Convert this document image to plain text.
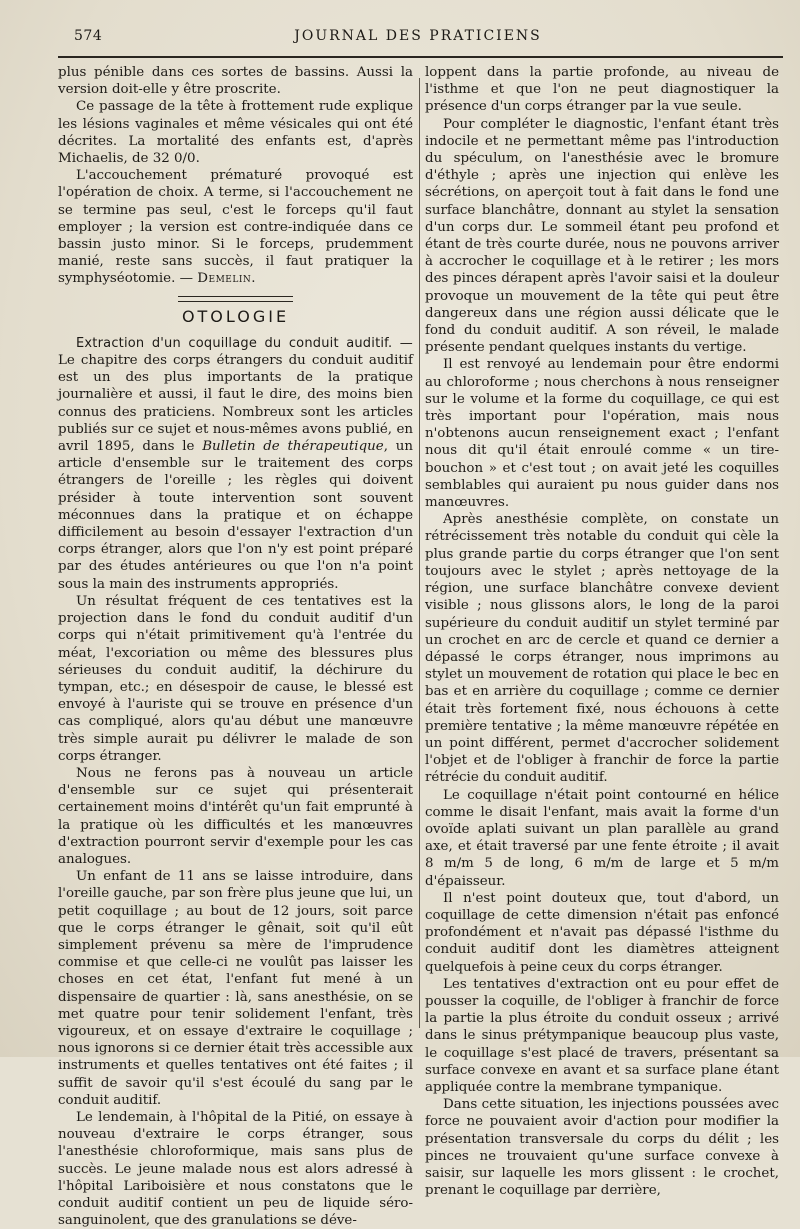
574	JOURNAL DES PRATICIENS

plus pénible dans ces sortes de bassins. Aussi la version doit-elle y être proscrite.

Ce passage de la tête à frottement rude explique les lésions vaginales et même vésicales qui ont été décrites. La mortalité des enfants est, d'après Michaelis, de 32 0/0.

L'accouchement prématuré provoqué est l'opération de choix. A terme, si l'accouchement ne se termine pas seul, c'est le forceps qu'il faut employer ; la version est contre-indiquée dans ce bassin justo minor. Si le forceps, prudemment manié, reste sans succès, il faut pratiquer la symphyséotomie. — Demelin.

OTOLOGIE

Extraction d'un coquillage du conduit auditif. — Le chapitre des corps étrangers du conduit auditif est un des plus importants de la pratique journalière et aussi, il faut le dire, des moins bien connus des praticiens. Nombreux sont les articles publiés sur ce sujet et nous-mêmes avons publié, en avril 1895, dans le Bulletin de thérapeutique, un article d'ensemble sur le traitement des corps étrangers de l'oreille ; les règles qui doivent présider à toute intervention sont souvent méconnues dans la pratique et on échappe difficilement au besoin d'essayer l'extraction d'un corps étranger, alors que l'on n'y est point préparé par des études antérieures ou que l'on n'a point sous la main des instruments appropriés.

Un résultat fréquent de ces tentatives est la projection dans le fond du conduit auditif d'un corps qui n'était primitivement qu'à l'entrée du méat, l'excoriation ou même des blessures plus sérieuses du conduit auditif, la déchirure du tympan, etc.; en désespoir de cause, le blessé est envoyé à l'auriste qui se trouve en présence d'un cas compliqué, alors qu'au début une manœuvre très simple aurait pu délivrer le malade de son corps étranger.

Nous ne ferons pas à nouveau un article d'ensemble sur ce sujet qui présenterait certainement moins d'intérêt qu'un fait emprunté à la pratique où les difficultés et les manœuvres d'extraction pourront servir d'exemple pour les cas analogues.

Un enfant de 11 ans se laisse introduire, dans l'oreille gauche, par son frère plus jeune que lui, un petit coquillage ; au bout de 12 jours, soit parce que le corps étranger le gênait, soit qu'il eût simplement prévenu sa mère de l'imprudence commise et que celle-ci ne voulût pas laisser les choses en cet état, l'enfant fut mené à un dispensaire de quartier : là, sans anesthésie, on se met quatre pour tenir solidement l'enfant, très vigoureux, et on essaye d'extraire le coquillage ; nous ignorons si ce dernier était très accessible aux instruments et quelles tentatives ont été faites ; il suffit de savoir qu'il s'est écoulé du sang par le conduit auditif.

Le lendemain, à l'hôpital de la Pitié, on essaye à nouveau d'extraire le corps étranger, sous l'anesthésie chloroformique, mais sans plus de succès. Le jeune malade nous est alors adressé à l'hôpital Lariboisière et nous constatons que le conduit auditif contient un peu de liquide séro-sanguinolent, que des granulations se déve-

loppent dans la partie profonde, au niveau de l'isthme et que l'on ne peut diagnostiquer la présence d'un corps étranger par la vue seule.

Pour compléter le diagnostic, l'enfant étant très indocile et ne permettant même pas l'introduction du spéculum, on l'anesthésie avec le bromure d'éthyle ; après une injection qui enlève les sécrétions, on aperçoit tout à fait dans le fond une surface blanchâtre, donnant au stylet la sensation d'un corps dur. Le sommeil étant peu profond et étant de très courte durée, nous ne pouvons arriver à accrocher le coquillage et à le retirer ; les mors des pinces dérapent après l'avoir saisi et la douleur provoque un mouvement de la tête qui peut être dangereux dans une région aussi délicate que le fond du conduit auditif. A son réveil, le malade présente pendant quelques instants du vertige.

Il est renvoyé au lendemain pour être endormi au chloroforme ; nous cherchons à nous renseigner sur le volume et la forme du coquillage, ce qui est très important pour l'opération, mais nous n'obtenons aucun renseignement exact ; l'enfant nous dit qu'il était enroulé comme « un tire-bouchon » et c'est tout ; on avait jeté les coquilles semblables qui auraient pu nous guider dans nos manœuvres.

Après anesthésie complète, on constate un rétrécissement très notable du conduit qui cèle la plus grande partie du corps étranger que l'on sent toujours avec le stylet ; après nettoyage de la région, une surface blanchâtre convexe devient visible ; nous glissons alors, le long de la paroi supérieure du conduit auditif un stylet terminé par un crochet en arc de cercle et quand ce dernier a dépassé le corps étranger, nous imprimons au stylet un mouvement de rotation qui place le bec en bas et en arrière du coquillage ; comme ce dernier était très fortement fixé, nous échouons à cette première tentative ; la même manœuvre répétée en un point différent, permet d'accrocher solidement l'objet et de l'obliger à franchir de force la partie rétrécie du conduit auditif.

Le coquillage n'était point contourné en hélice comme le disait l'enfant, mais avait la forme d'un ovoïde aplati suivant un plan parallèle au grand axe, et était traversé par une fente étroite ; il avait 8 m/m 5 de long, 6 m/m de large et 5 m/m d'épaisseur.

Il n'est point douteux que, tout d'abord, un coquillage de cette dimension n'était pas enfoncé profondément et n'avait pas dépassé l'isthme du conduit auditif dont les diamètres atteignent quelquefois à peine ceux du corps étranger.

Les tentatives d'extraction ont eu pour effet de pousser la coquille, de l'obliger à franchir de force la partie la plus étroite du conduit osseux ; arrivé dans le sinus prétympanique beaucoup plus vaste, le coquillage s'est placé de travers, présentant sa surface convexe en avant et sa surface plane étant appliquée contre la membrane tympanique.

Dans cette situation, les injections poussées avec force ne pouvaient avoir d'action pour modifier la présentation transversale du corps du délit ; les pinces ne trouvaient qu'une surface convexe à saisir, sur laquelle les mors glissent : le crochet, prenant le coquillage par derrière,
